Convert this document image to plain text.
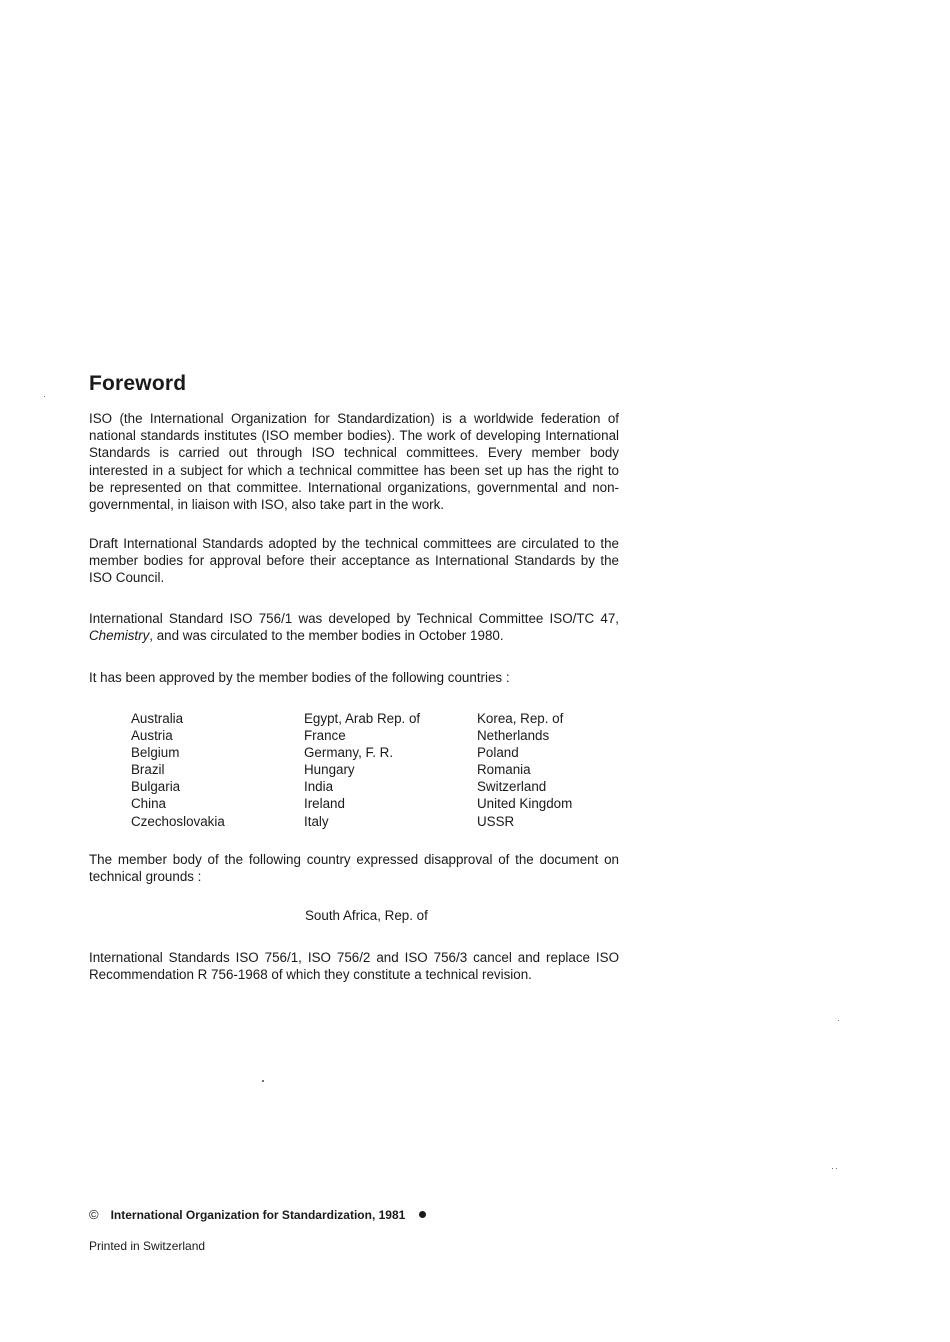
Foreword

ISO (the International Organization for Standardization) is a worldwide federation of national standards institutes (ISO member bodies). The work of developing International Standards is carried out through ISO technical committees. Every member body interested in a subject for which a technical committee has been set up has the right to be represented on that committee. International organizations, governmental and non-governmental, in liaison with ISO, also take part in the work.

Draft International Standards adopted by the technical committees are circulated to the member bodies for approval before their acceptance as International Standards by the ISO Council.

International Standard ISO 756/1 was developed by Technical Committee ISO/TC 47, Chemistry, and was circulated to the member bodies in October 1980.

It has been approved by the member bodies of the following countries :

Australia
Austria
Belgium
Brazil
Bulgaria
China
Czechoslovakia
Egypt, Arab Rep. of
France
Germany, F. R.
Hungary
India
Ireland
Italy
Korea, Rep. of
Netherlands
Poland
Romania
Switzerland
United Kingdom
USSR

The member body of the following country expressed disapproval of the document on technical grounds :

South Africa, Rep. of

International Standards ISO 756/1, ISO 756/2 and ISO 756/3 cancel and replace ISO Recommendation R 756-1968 of which they constitute a technical revision.

© International Organization for Standardization, 1981

Printed in Switzerland
